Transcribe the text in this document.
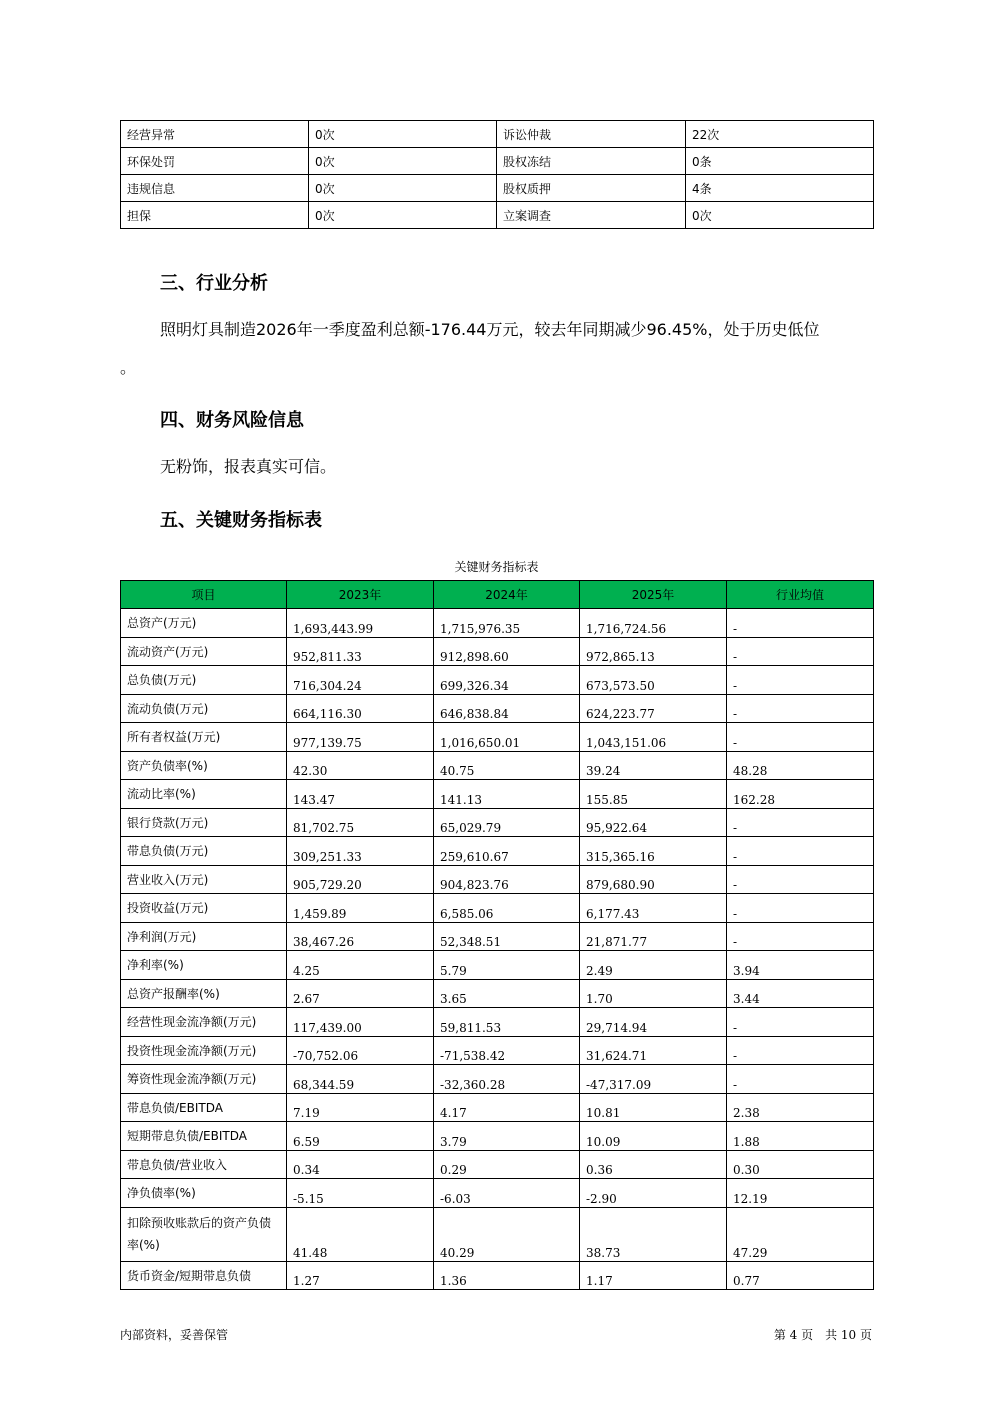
经营异常	0次	诉讼仲裁	22次
环保处罚	0次	股权冻结	0条
违规信息	0次	股权质押	4条
担保	0次	立案调查	0次
三、行业分析

照明灯具制造2026年一季度盈利总额-176.44万元，较去年同期减少96.45%，处于历史低位

。

四、财务风险信息

无粉饰，报表真实可信。

五、关键财务指标表
关键财务指标表
项目	2023年	2024年	2025年	行业均值
总资产(万元)	1,693,443.99	1,715,976.35	1,716,724.56	-
流动资产(万元)	952,811.33	912,898.60	972,865.13	-
总负债(万元)	716,304.24	699,326.34	673,573.50	-
流动负债(万元)	664,116.30	646,838.84	624,223.77	-
所有者权益(万元)	977,139.75	1,016,650.01	1,043,151.06	-
资产负债率(%)	42.30	40.75	39.24	48.28
流动比率(%)	143.47	141.13	155.85	162.28
银行贷款(万元)	81,702.75	65,029.79	95,922.64	-
带息负债(万元)	309,251.33	259,610.67	315,365.16	-
营业收入(万元)	905,729.20	904,823.76	879,680.90	-
投资收益(万元)	1,459.89	6,585.06	6,177.43	-
净利润(万元)	38,467.26	52,348.51	21,871.77	-
净利率(%)	4.25	5.79	2.49	3.94
总资产报酬率(%)	2.67	3.65	1.70	3.44
经营性现金流净额(万元)	117,439.00	59,811.53	29,714.94	-
投资性现金流净额(万元)	-70,752.06	-71,538.42	31,624.71	-
筹资性现金流净额(万元)	68,344.59	-32,360.28	-47,317.09	-
带息负债/EBITDA	7.19	4.17	10.81	2.38
短期带息负债/EBITDA	6.59	3.79	10.09	1.88
带息负债/营业收入	0.34	0.29	0.36	0.30
净负债率(%)	-5.15	-6.03	-2.90	12.19
扣除预收账款后的资产负债率(%)	41.48	40.29	38.73	47.29
货币资金/短期带息负债	1.27	1.36	1.17	0.77
内部资料，妥善保管	第 4 页　共 10 页
